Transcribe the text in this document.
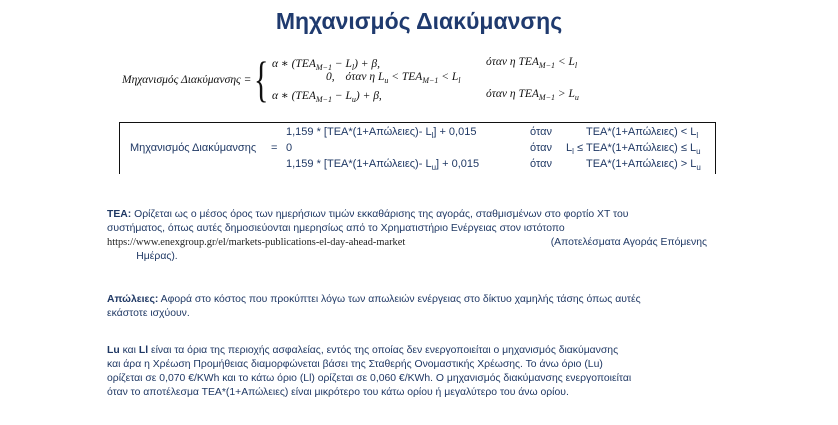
Μηχανισμός Διακύμανσης
Μηχανισμός Διακύμανσης = { α ∗ $(TEA_{M-1} - L_l) + \beta$,	όταν η $TEA_{M-1} < L_l$
0, όταν η $L_u < TEA_{M-1} < L_l$
α ∗ $(TEA_{M-1} - L_u) + \beta$,	όταν η $TEA_{M-1} > L_u$
1,159 * [ΤΕΑ*(1+Απώλειες)- $L_l] + 0,015$	όταν	$TEA*(1+A\pi ώ\lambda\varepsilon\iota\varepsilon\varsigma) < L_l$
Μηχανισμός Διακύμανσης = 0	όταν $L_l \le TEA*(1+A\pi ώ\lambda\varepsilon\iota\varepsilon\varsigma) \le L_u$
1,159 * [ΤΕΑ*(1+Απώλειες)- $L_u] + 0,015$	όταν	$TEA*(1+A\pi ώ\lambda\varepsilon\iota\varepsilon\varsigma) > L_u$
ΤΕΑ: Ορίζεται ως ο μέσος όρος των ημερήσιων τιμών εκκαθάρισης της αγοράς, σταθμισμένων στο φορτίο ΧΤ του
συστήματος, όπως αυτές δημοσιεύονται ημερησίως από το Χρηματιστήριο Ενέργειας στον ιστότοπο
https://www.enexgroup.gr/el/markets-publications-el-day-ahead-market	(Αποτελέσματα Αγοράς Επόμενης
Ημέρας).
Απώλειες: Αφορά στο κόστος που προκύπτει λόγω των απωλειών ενέργειας στο δίκτυο χαμηλής τάσης όπως αυτές
εκάστοτε ισχύουν.
Lu και Ll είναι τα όρια της περιοχής ασφαλείας, εντός της οποίας δεν ενεργοποιείται ο μηχανισμός διακύμανσης
και άρα η Χρέωση Προμήθειας διαμορφώνεται βάσει της Σταθερής Ονομαστικής Χρέωσης. Το άνω όριο (Lu)
ορίζεται σε 0,070 €/KWh και το κάτω όριο (Ll) ορίζεται σε 0,060 €/KWh. Ο μηχανισμός διακύμανσης ενεργοποιείται
όταν το αποτέλεσμα ΤΕΑ*(1+Απώλειες) είναι μικρότερο του κάτω ορίου ή μεγαλύτερο του άνω ορίου.
